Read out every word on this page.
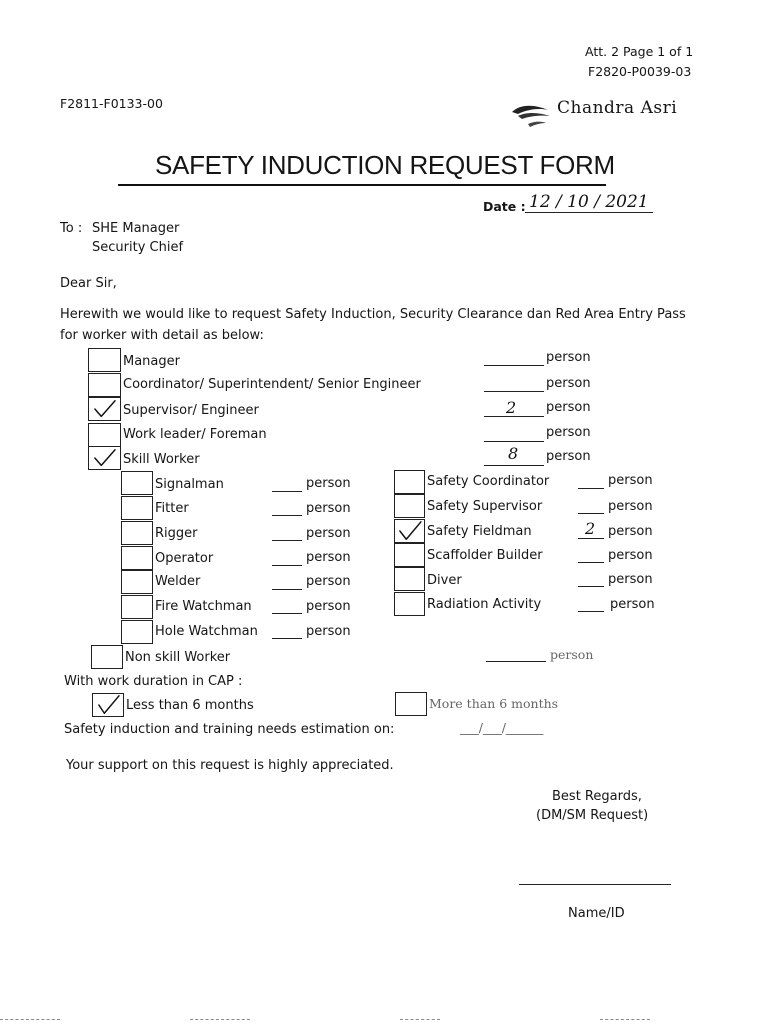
Att. 2 Page 1 of 1
F2820-P0039-03
F2811-F0133-00	Chandra Asri
SAFETY INDUCTION REQUEST FORM
Date : 12 / 10 / 2021
To : SHE Manager
Security Chief
Dear Sir,
Herewith we would like to request Safety Induction, Security Clearance dan Red Area Entry Pass
for worker with detail as below:
Manager	person
Coordinator/ Superintendent/ Senior Engineer	person
Supervisor/ Engineer	2 person
Work leader/ Foreman	person
Skill Worker	8 person
Signalman	person
Fitter	person
Rigger	person
Operator	person
Welder	person
Fire Watchman	person
Hole Watchman	person
Safety Coordinator	person
Safety Supervisor	person
Safety Fieldman	2 person
Scaffolder Builder	person
Diver	person
Radiation Activity	person
Non skill Worker	person
With work duration in CAP :
Less than 6 months	More than 6 months
Safety induction and training needs estimation on:	___/___/______
Your support on this request is highly appreciated.
Best Regards,
(DM/SM Request)
Name/ID
